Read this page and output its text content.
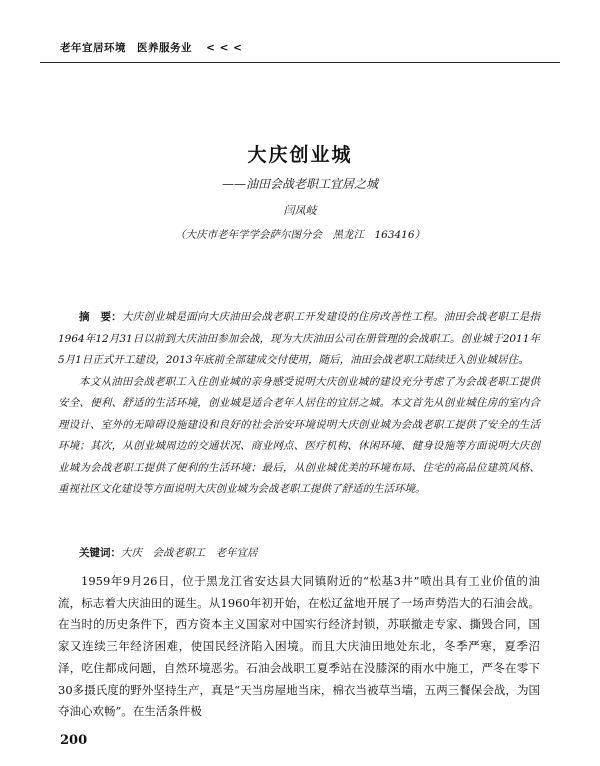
老年宜居环境　医养服务业 < < <
大庆创业城
——油田会战老职工宜居之城
闫凤岐
（大庆市老年学学会萨尔图分会　黑龙江　163416）

摘　要：大庆创业城是面向大庆油田会战老职工开发建设的住房改善性工程。油田会战老职工是指1964年12月31日以前到大庆油田参加会战，现为大庆油田公司在册管理的会战职工。创业城于2011年5月1日正式开工建设，2013年底前全部建成交付使用，随后，油田会战老职工陆续迁入创业城居住。

本文从油田会战老职工入住创业城的亲身感受说明大庆创业城的建设充分考虑了为会战老职工提供安全、便利、舒适的生活环境，创业城是适合老年人居住的宜居之城。本文首先从创业城住房的室内合理设计、室外的无障碍设施建设和良好的社会治安环境说明大庆创业城为会战老职工提供了安全的生活环境；其次，从创业城周边的交通状况、商业网点、医疗机构、休闲环境、健身设施等方面说明大庆创业城为会战老职工提供了便利的生活环境；最后，从创业城优美的环境布局、住宅的高品位建筑风格、重视社区文化建设等方面说明大庆创业城为会战老职工提供了舒适的生活环境。

关键词：大庆　会战老职工　老年宜居

1959年9月26日，位于黑龙江省安达县大同镇附近的“松基3井”喷出具有工业价值的油流，标志着大庆油田的诞生。从1960年初开始，在松辽盆地开展了一场声势浩大的石油会战。在当时的历史条件下，西方资本主义国家对中国实行经济封锁，苏联撤走专家、撕毁合同，国家又连续三年经济困难，使国民经济陷入困境。而且大庆油田地处东北，冬季严寒，夏季沼泽，吃住都成问题，自然环境恶劣。石油会战职工夏季站在没膝深的雨水中施工，严冬在零下30多摄氏度的野外坚持生产，真是“天当房屋地当床，棉衣当被草当墙，五两三餐保会战，为国夺油心欢畅”。在生活条件极

200
